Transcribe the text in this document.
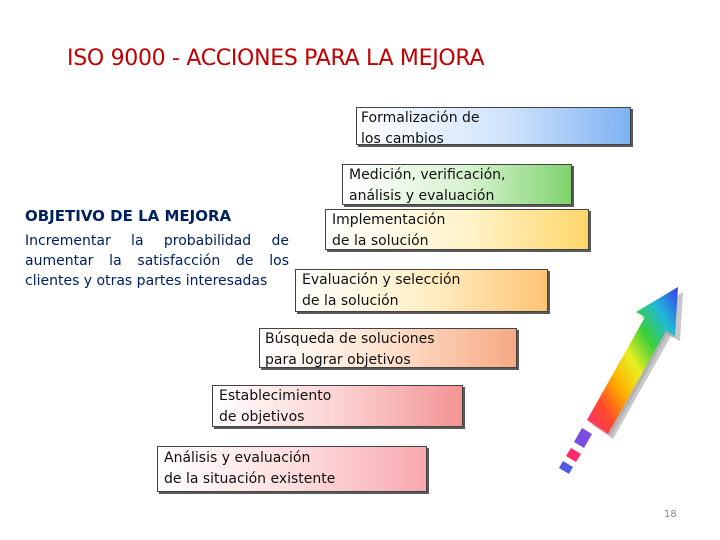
ISO 9000 - ACCIONES PARA LA MEJORA
OBJETIVO DE LA MEJORA
Incrementar la probabilidad de
aumentar la satisfacción de los
clientes y otras partes interesadas
Formalización de
los cambios
Medición, verificación,
análisis y evaluación
Implementación
de la solución
Evaluación y selección
de la solución
Búsqueda de soluciones
para lograr objetivos
Establecimiento
de objetivos
Análisis y evaluación
de la situación existente
18
